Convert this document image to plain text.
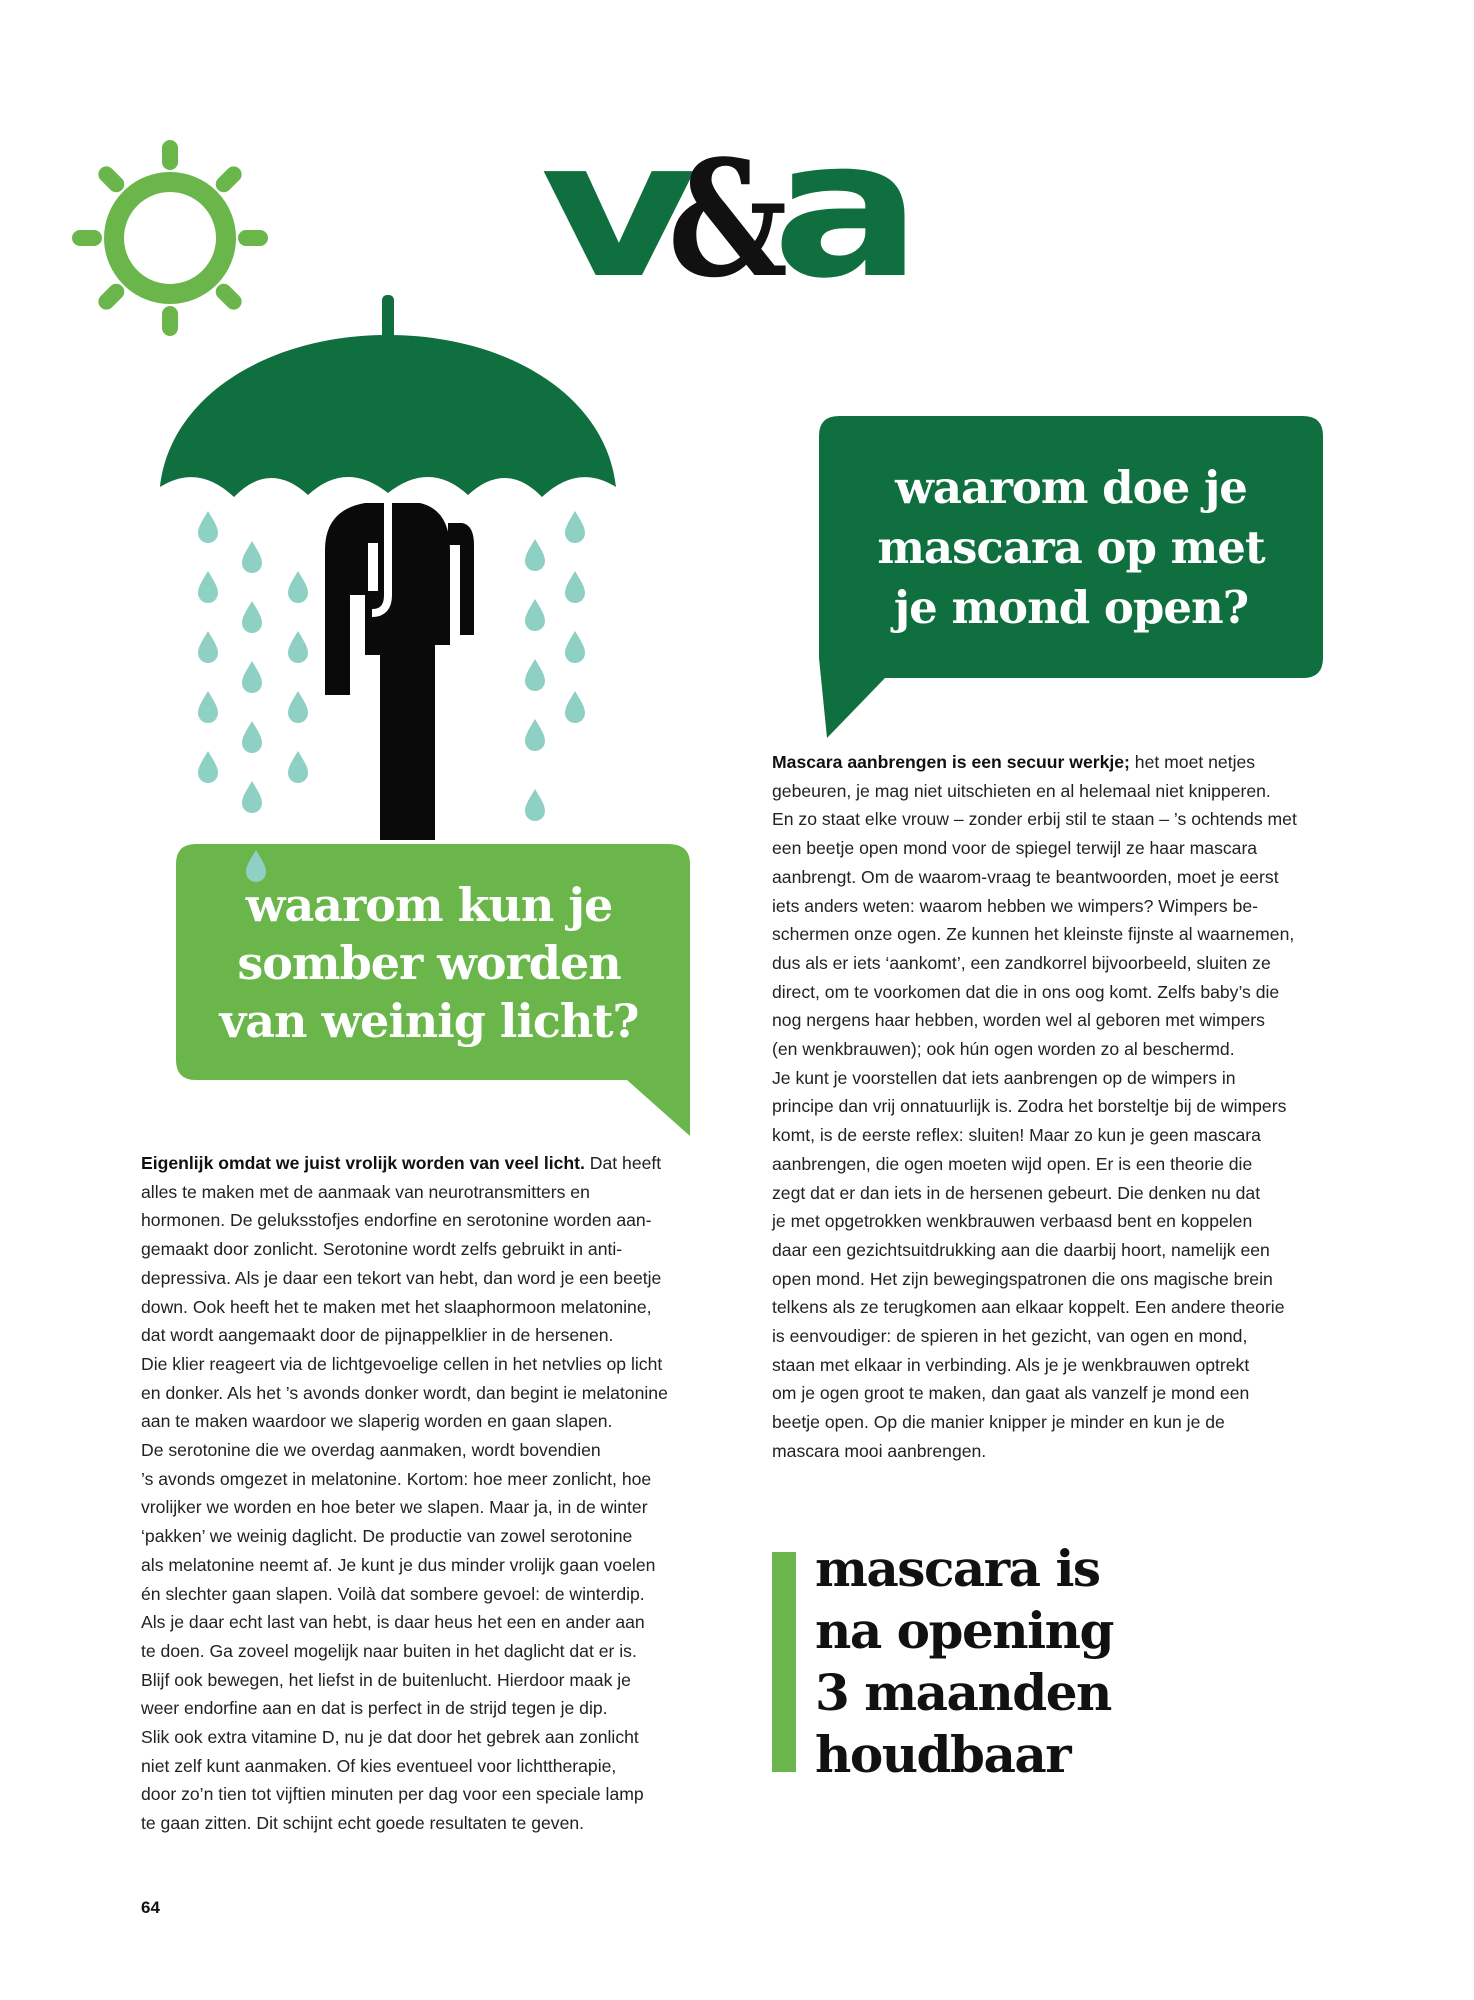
v a
&
waarom doe je
mascara op met
je mond open?
waarom kun je
somber worden
van weinig licht?
Mascara aanbrengen is een secuur werkje; het moet netjes
gebeuren, je mag niet uitschieten en al helemaal niet knipperen.
En zo staat elke vrouw – zonder erbij stil te staan – ’s ochtends met
een beetje open mond voor de spiegel terwijl ze haar mascara
aanbrengt. Om de waarom-vraag te beantwoorden, moet je eerst
iets anders weten: waarom hebben we wimpers? Wimpers be-
schermen onze ogen. Ze kunnen het kleinste fijnste al waarnemen,
dus als er iets ‘aankomt’, een zandkorrel bijvoorbeeld, sluiten ze
direct, om te voorkomen dat die in ons oog komt. Zelfs baby’s die
nog nergens haar hebben, worden wel al geboren met wimpers
(en wenkbrauwen); ook hún ogen worden zo al beschermd.
Je kunt je voorstellen dat iets aanbrengen op de wimpers in
principe dan vrij onnatuurlijk is. Zodra het borsteltje bij de wimpers
komt, is de eerste reflex: sluiten! Maar zo kun je geen mascara
aanbrengen, die ogen moeten wijd open. Er is een theorie die
zegt dat er dan iets in de hersenen gebeurt. Die denken nu dat
je met opgetrokken wenkbrauwen verbaasd bent en koppelen
daar een gezichtsuitdrukking aan die daarbij hoort, namelijk een
open mond. Het zijn bewegingspatronen die ons magische brein
telkens als ze terugkomen aan elkaar koppelt. Een andere theorie
is eenvoudiger: de spieren in het gezicht, van ogen en mond,
staan met elkaar in verbinding. Als je je wenkbrauwen optrekt
om je ogen groot te maken, dan gaat als vanzelf je mond een
beetje open. Op die manier knipper je minder en kun je de
mascara mooi aanbrengen.
Eigenlijk omdat we juist vrolijk worden van veel licht. Dat heeft
alles te maken met de aanmaak van neurotransmitters en
hormonen. De geluksstofjes endorfine en serotonine worden aan-
gemaakt door zonlicht. Serotonine wordt zelfs gebruikt in anti-
depressiva. Als je daar een tekort van hebt, dan word je een beetje
down. Ook heeft het te maken met het slaaphormoon melatonine,
dat wordt aangemaakt door de pijnappelklier in de hersenen.
Die klier reageert via de lichtgevoelige cellen in het netvlies op licht
en donker. Als het ’s avonds donker wordt, dan begint ie melatonine
aan te maken waardoor we slaperig worden en gaan slapen.
De serotonine die we overdag aanmaken, wordt bovendien
’s avonds omgezet in melatonine. Kortom: hoe meer zonlicht, hoe
vrolijker we worden en hoe beter we slapen. Maar ja, in de winter
‘pakken’ we weinig daglicht. De productie van zowel serotonine
als melatonine neemt af. Je kunt je dus minder vrolijk gaan voelen
én slechter gaan slapen. Voilà dat sombere gevoel: de winterdip.
Als je daar echt last van hebt, is daar heus het een en ander aan
te doen. Ga zoveel mogelijk naar buiten in het daglicht dat er is.
Blijf ook bewegen, het liefst in de buitenlucht. Hierdoor maak je
weer endorfine aan en dat is perfect in de strijd tegen je dip.
Slik ook extra vitamine D, nu je dat door het gebrek aan zonlicht
niet zelf kunt aanmaken. Of kies eventueel voor lichttherapie,
door zo’n tien tot vijftien minuten per dag voor een speciale lamp
te gaan zitten. Dit schijnt echt goede resultaten te geven.
mascara is
na opening
3 maanden
houdbaar
64
